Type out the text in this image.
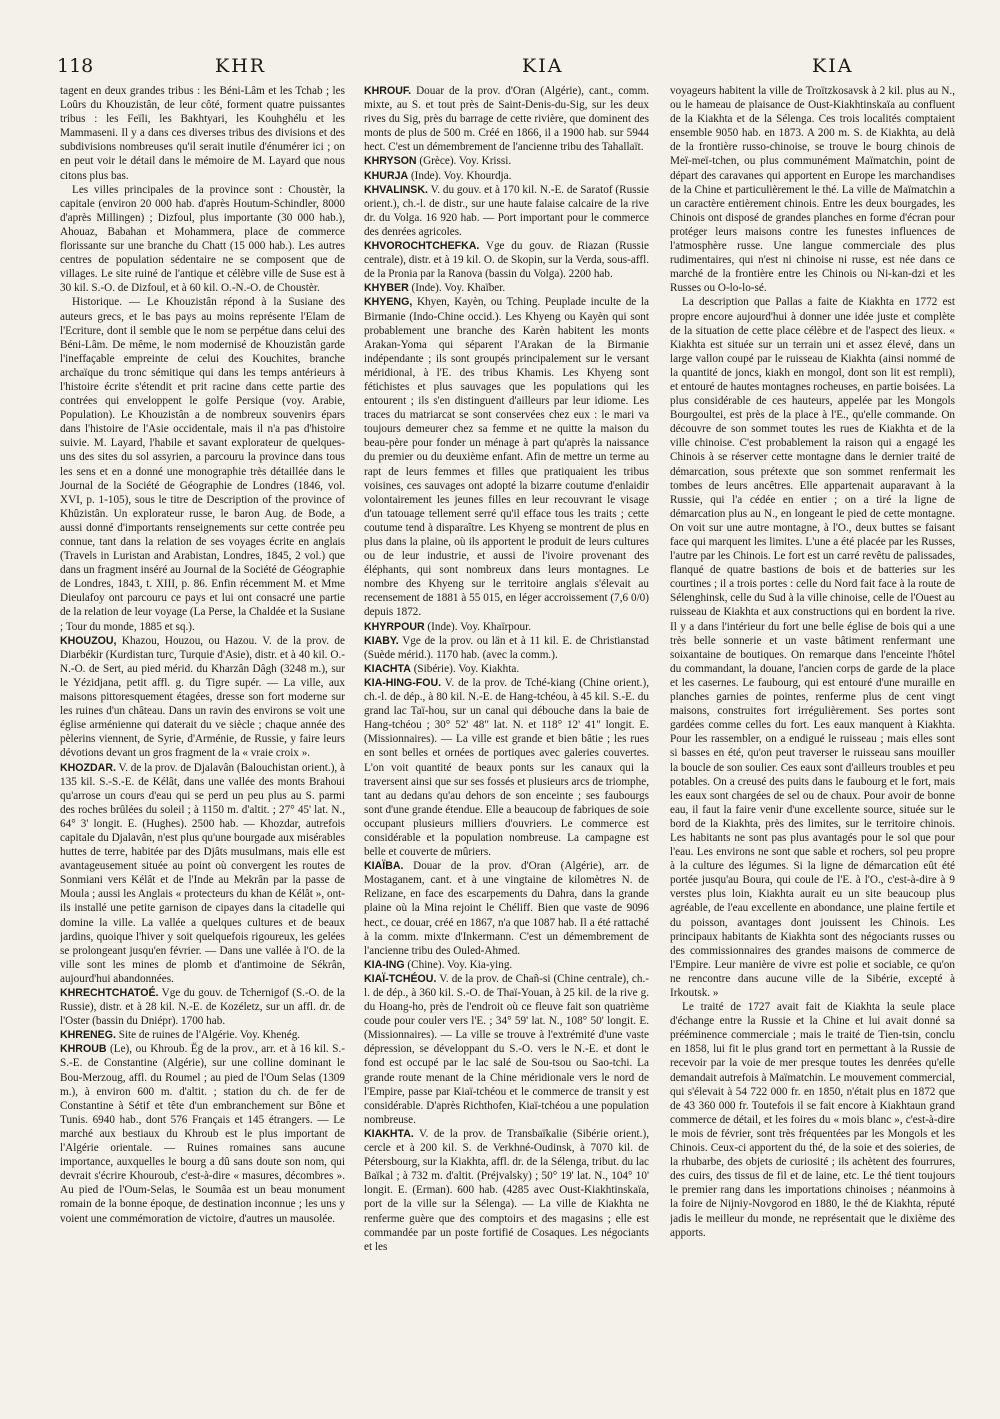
118	KHR	KIA	KIA

tagent en deux grandes tribus : les Béni-Lâm et les Tchab ; les Loûrs du Khouzistân, de leur côté, forment quatre puissantes tribus : les Feïli, les Bakhtyari, les Kouhghélu et les Mammaseni. Il y a dans ces diverses tribus des divisions et des subdivisions nombreuses qu'il serait inutile d'énumérer ici ; on en peut voir le détail dans le mémoire de M. Layard que nous citons plus bas.

Les villes principales de la province sont : Choustèr, la capitale (environ 20 000 hab. d'après Houtum-Schindler, 8000 d'après Millingen) ; Dizfoul, plus importante (30 000 hab.), Ahouaz, Babahan et Mohammera, place de commerce florissante sur une branche du Chatt (15 000 hab.). Les autres centres de population sédentaire ne se composent que de villages. Le site ruiné de l'antique et célèbre ville de Suse est à 30 kil. S.-O. de Dizfoul, et à 60 kil. O.-N.-O. de Choustèr.

Historique. — Le Khouzistân répond à la Susiane des auteurs grecs, et le bas pays au moins représente l'Elam de l'Ecriture, dont il semble que le nom se perpétue dans celui des Béni-Lâm. De même, le nom modernisé de Khouzistân garde l'ineffaçable empreinte de celui des Kouchites, branche archaïque du tronc sémitique qui dans les temps antérieurs à l'histoire écrite s'étendit et prit racine dans cette partie des contrées qui enveloppent le golfe Persique (voy. Arabie, Population). Le Khouzistân a de nombreux souvenirs épars dans l'histoire de l'Asie occidentale, mais il n'a pas d'histoire suivie. M. Layard, l'habile et savant explorateur de quelques-uns des sites du sol assyrien, a parcouru la province dans tous les sens et en a donné une monographie très détaillée dans le Journal de la Société de Géographie de Londres (1846, vol. XVI, p. 1-105), sous le titre de Description of the province of Khûzistân. Un explorateur russe, le baron Aug. de Bode, a aussi donné d'importants renseignements sur cette contrée peu connue, tant dans la relation de ses voyages écrite en anglais (Travels in Luristan and Arabistan, Londres, 1845, 2 vol.) que dans un fragment inséré au Journal de la Société de Géographie de Londres, 1843, t. XIII, p. 86. Enfin récemment M. et Mme Dieulafoy ont parcouru ce pays et lui ont consacré une partie de la relation de leur voyage (La Perse, la Chaldée et la Susiane ; Tour du monde, 1885 et sq.).

KHOUZOU, Khazou, Houzou, ou Hazou. V. de la prov. de Diarbékir (Kurdistan turc, Turquie d'Asie), distr. et à 40 kil. O.-N.-O. de Sert, au pied mérid. du Kharzân Dâgh (3248 m.), sur le Yézidjana, petit affl. g. du Tigre supér. — La ville, aux maisons pittoresquement étagées, dresse son fort moderne sur les ruines d'un château. Dans un ravin des environs se voit une église arménienne qui daterait du ve siècle ; chaque année des pèlerins viennent, de Syrie, d'Arménie, de Russie, y faire leurs dévotions devant un gros fragment de la « vraie croix ».

KHOZDAR. V. de la prov. de Djalavân (Balouchistan orient.), à 135 kil. S.-S.-E. de Kélât, dans une vallée des monts Brahoui qu'arrose un cours d'eau qui se perd un peu plus au S. parmi des roches brûlées du soleil ; à 1150 m. d'altit. ; 27° 45' lat. N., 64° 3' longit. E. (Hughes). 2500 hab. — Khozdar, autrefois capitale du Djalavân, n'est plus qu'une bourgade aux misérables huttes de terre, habitée par des Djâts musulmans, mais elle est avantageusement située au point où convergent les routes de Sonmiani vers Kélât et de l'Inde au Mekrân par la passe de Moula ; aussi les Anglais « protecteurs du khan de Kélât », ont-ils installé une petite garnison de cipayes dans la citadelle qui domine la ville. La vallée a quelques cultures et de beaux jardins, quoique l'hiver y soit quelquefois rigoureux, les gelées se prolongeant jusqu'en février. — Dans une vallée à l'O. de la ville sont les mines de plomb et d'antimoine de Sékrân, aujourd'hui abandonnées.

KHRECHTCHATOÉ. Vge du gouv. de Tchernigof (S.-O. de la Russie), distr. et à 28 kil. N.-E. de Kozéletz, sur un affl. dr. de l'Oster (bassin du Dniépr). 1700 hab.

KHRENEG. Site de ruines de l'Algérie. Voy. Khenég.

KHROUB (Le), ou Khroub. Ëg de la prov., arr. et à 16 kil. S.-S.-E. de Constantine (Algérie), sur une colline dominant le Bou-Merzoug, affl. du Roumel ; au pied de l'Oum Selas (1309 m.), à environ 600 m. d'altit. ; station du ch. de fer de Constantine à Sétif et tête d'un embranchement sur Bône et Tunis. 6940 hab., dont 576 Français et 145 étrangers. — Le marché aux bestiaux du Khroub est le plus important de l'Algérie orientale. — Ruines romaines sans aucune importance, auxquelles le bourg a dû sans doute son nom, qui devrait s'écrire Khouroub, c'est-à-dire « masures, décombres ». Au pied de l'Oum-Selas, le Soumâa est un beau monument romain de la bonne époque, de destination inconnue ; les uns y voient une commémoration de victoire, d'autres un mausolée.

KHROUF. Douar de la prov. d'Oran (Algérie), cant., comm. mixte, au S. et tout près de Saint-Denis-du-Sig, sur les deux rives du Sig, près du barrage de cette rivière, que dominent des monts de plus de 500 m. Créé en 1866, il a 1900 hab. sur 5944 hect. C'est un démembrement de l'ancienne tribu des Tahallaït.

KHRYSON (Grèce). Voy. Krissi.

KHURJA (Inde). Voy. Khourdja.

KHVALINSK. V. du gouv. et à 170 kil. N.-E. de Saratof (Russie orient.), ch.-l. de distr., sur une haute falaise calcaire de la rive dr. du Volga. 16 920 hab. — Port important pour le commerce des denrées agricoles.

KHVOROCHTCHEFKA. Vge du gouv. de Riazan (Russie centrale), distr. et à 19 kil. O. de Skopin, sur la Verda, sous-affl. de la Pronia par la Ranova (bassin du Volga). 2200 hab.

KHYBER (Inde). Voy. Khaïber.

KHYENG, Khyen, Kayèn, ou Tching. Peuplade inculte de la Birmanie (Indo-Chine occid.). Les Khyeng ou Kayèn qui sont probablement une branche des Karèn habitent les monts Arakan-Yoma qui séparent l'Arakan de la Birmanie indépendante ; ils sont groupés principalement sur le versant méridional, à l'E. des tribus Khamis. Les Khyeng sont fétichistes et plus sauvages que les populations qui les entourent ; ils s'en distinguent d'ailleurs par leur idiome. Les traces du matriarcat se sont conservées chez eux : le mari va toujours demeurer chez sa femme et ne quitte la maison du beau-père pour fonder un ménage à part qu'après la naissance du premier ou du deuxième enfant. Afin de mettre un terme au rapt de leurs femmes et filles que pratiquaient les tribus voisines, ces sauvages ont adopté la bizarre coutume d'enlaidir volontairement les jeunes filles en leur recouvrant le visage d'un tatouage tellement serré qu'il efface tous les traits ; cette coutume tend à disparaître. Les Khyeng se montrent de plus en plus dans la plaine, où ils apportent le produit de leurs cultures ou de leur industrie, et aussi de l'ivoire provenant des éléphants, qui sont nombreux dans leurs montagnes. Le nombre des Khyeng sur le territoire anglais s'élevait au recensement de 1881 à 55 015, en léger accroissement (7,6 0/0) depuis 1872.

KHYRPOUR (Inde). Voy. Khaïrpour.

KIABY. Vge de la prov. ou län et à 11 kil. E. de Christianstad (Suède mérid.). 1170 hab. (avec la comm.).

KIACHTA (Sibérie). Voy. Kiakhta.

KIA-HING-FOU. V. de la prov. de Tché-kiang (Chine orient.), ch.-l. de dép., à 80 kil. N.-E. de Hang-tchéou, à 45 kil. S.-E. du grand lac Taï-hou, sur un canal qui débouche dans la baie de Hang-tchéou ; 30° 52' 48" lat. N. et 118° 12' 41" longit. E. (Missionnaires). — La ville est grande et bien bâtie ; les rues en sont belles et ornées de portiques avec galeries couvertes. L'on voit quantité de beaux ponts sur les canaux qui la traversent ainsi que sur ses fossés et plusieurs arcs de triomphe, tant au dedans qu'au dehors de son enceinte ; ses faubourgs sont d'une grande étendue. Elle a beaucoup de fabriques de soie occupant plusieurs milliers d'ouvriers. Le commerce est considérable et la population nombreuse. La campagne est belle et couverte de mûriers.

KIAÏBA. Douar de la prov. d'Oran (Algérie), arr. de Mostaganem, cant. et à une vingtaine de kilomètres N. de Relizane, en face des escarpements du Dahra, dans la grande plaine où la Mina rejoint le Chéliff. Bien que vaste de 9096 hect., ce douar, créé en 1867, n'a que 1087 hab. Il a été rattaché à la comm. mixte d'Inkermann. C'est un démembrement de l'ancienne tribu des Ouled-Ahmed.

KIA-ING (Chine). Voy. Kia-ying.

KIAÏ-TCHÉOU. V. de la prov. de Chañ-si (Chine centrale), ch.-l. de dép., à 360 kil. S.-O. de Thaï-Youan, à 25 kil. de la rive g. du Hoang-ho, près de l'endroit où ce fleuve fait son quatrième coude pour couler vers l'E. ; 34° 59' lat. N., 108° 50' longit. E. (Missionnaires). — La ville se trouve à l'extrémité d'une vaste dépression, se développant du S.-O. vers le N.-E. et dont le fond est occupé par le lac salé de Sou-tsou ou Sao-tchi. La grande route menant de la Chine méridionale vers le nord de l'Empire, passe par Kiaï-tchéou et le commerce de transit y est considérable. D'après Richthofen, Kiaï-tchéou a une population nombreuse.

KIAKHTA. V. de la prov. de Transbaïkalie (Sibérie orient.), cercle et à 200 kil. S. de Verkhné-Oudinsk, à 7070 kil. de Pétersbourg, sur la Kiakhta, affl. dr. de la Sélenga, tribut. du lac Baïkal ; à 732 m. d'altit. (Préjvalsky) ; 50° 19' lat. N., 104° 10' longit. E. (Erman). 600 hab. (4285 avec Oust-Kiakhtinskaïa, port de la ville sur la Sélenga). — La ville de Kiakhta ne renferme guère que des comptoirs et des magasins ; elle est commandée par un poste fortifié de Cosaques. Les négociants et les

voyageurs habitent la ville de Troïtzkosavsk à 2 kil. plus au N., ou le hameau de plaisance de Oust-Kiakhtinskaïa au confluent de la Kiakhta et de la Sélenga. Ces trois localités comptaient ensemble 9050 hab. en 1873. A 200 m. S. de Kiakhta, au delà de la frontière russo-chinoise, se trouve le bourg chinois de Meï-meï-tchen, ou plus communément Maïmatchin, point de départ des caravanes qui apportent en Europe les marchandises de la Chine et particulièrement le thé. La ville de Maïmatchin a un caractère entièrement chinois. Entre les deux bourgades, les Chinois ont disposé de grandes planches en forme d'écran pour protéger leurs maisons contre les funestes influences de l'atmosphère russe. Une langue commerciale des plus rudimentaires, qui n'est ni chinoise ni russe, est née dans ce marché de la frontière entre les Chinois ou Ni-kan-dzi et les Russes ou O-lo-lo-sé.

La description que Pallas a faite de Kiakhta en 1772 est propre encore aujourd'hui à donner une idée juste et complète de la situation de cette place célèbre et de l'aspect des lieux. « Kiakhta est située sur un terrain uni et assez élevé, dans un large vallon coupé par le ruisseau de Kiakhta (ainsi nommé de la quantité de joncs, kiakh en mongol, dont son lit est rempli), et entouré de hautes montagnes rocheuses, en partie boisées. La plus considérable de ces hauteurs, appelée par les Mongols Bourgoultei, est près de la place à l'E., qu'elle commande. On découvre de son sommet toutes les rues de Kiakhta et de la ville chinoise. C'est probablement la raison qui a engagé les Chinois à se réserver cette montagne dans le dernier traité de démarcation, sous prétexte que son sommet renfermait les tombes de leurs ancêtres. Elle appartenait auparavant à la Russie, qui l'a cédée en entier ; on a tiré la ligne de démarcation plus au N., en longeant le pied de cette montagne. On voit sur une autre montagne, à l'O., deux buttes se faisant face qui marquent les limites. L'une a été placée par les Russes, l'autre par les Chinois. Le fort est un carré revêtu de palissades, flanqué de quatre bastions de bois et de batteries sur les courtines ; il a trois portes : celle du Nord fait face à la route de Sélenghinsk, celle du Sud à la ville chinoise, celle de l'Ouest au ruisseau de Kiakhta et aux constructions qui en bordent la rive. Il y a dans l'intérieur du fort une belle église de bois qui a une très belle sonnerie et un vaste bâtiment renfermant une soixantaine de boutiques. On remarque dans l'enceinte l'hôtel du commandant, la douane, l'ancien corps de garde de la place et les casernes. Le faubourg, qui est entouré d'une muraille en planches garnies de pointes, renferme plus de cent vingt maisons, construites fort irrégulièrement. Ses portes sont gardées comme celles du fort. Les eaux manquent à Kiakhta. Pour les rassembler, on a endigué le ruisseau ; mais elles sont si basses en été, qu'on peut traverser le ruisseau sans mouiller la boucle de son soulier. Ces eaux sont d'ailleurs troubles et peu potables. On a creusé des puits dans le faubourg et le fort, mais les eaux sont chargées de sel ou de chaux. Pour avoir de bonne eau, il faut la faire venir d'une excellente source, située sur le bord de la Kiakhta, près des limites, sur le territoire chinois. Les habitants ne sont pas plus avantagés pour le sol que pour l'eau. Les environs ne sont que sable et rochers, sol peu propre à la culture des légumes. Si la ligne de démarcation eût été portée jusqu'au Boura, qui coule de l'E. à l'O., c'est-à-dire à 9 verstes plus loin, Kiakhta aurait eu un site beaucoup plus agréable, de l'eau excellente en abondance, une plaine fertile et du poisson, avantages dont jouissent les Chinois. Les principaux habitants de Kiakhta sont des négociants russes ou des commissionnaires des grandes maisons de commerce de l'Empire. Leur manière de vivre est polie et sociable, ce qu'on ne rencontre dans aucune ville de la Sibérie, excepté à Irkoutsk. »

Le traité de 1727 avait fait de Kiakhta la seule place d'échange entre la Russie et la Chine et lui avait donné sa prééminence commerciale ; mais le traité de Tien-tsin, conclu en 1858, lui fit le plus grand tort en permettant à la Russie de recevoir par la voie de mer presque toutes les denrées qu'elle demandait autrefois à Maïmatchin. Le mouvement commercial, qui s'élevait à 54 722 000 fr. en 1850, n'était plus en 1872 que de 43 360 000 fr. Toutefois il se fait encore à Kiakhtaun grand commerce de détail, et les foires du « mois blanc », c'est-à-dire le mois de février, sont très fréquentées par les Mongols et les Chinois. Ceux-ci apportent du thé, de la soie et des soieries, de la rhubarbe, des objets de curiosité ; ils achètent des fourrures, des cuirs, des tissus de fil et de laine, etc. Le thé tient toujours le premier rang dans les importations chinoises ; néanmoins à la foire de Nijniy-Novgorod en 1880, le thé de Kiakhta, réputé jadis le meilleur du monde, ne représentait que le dixième des apports.
